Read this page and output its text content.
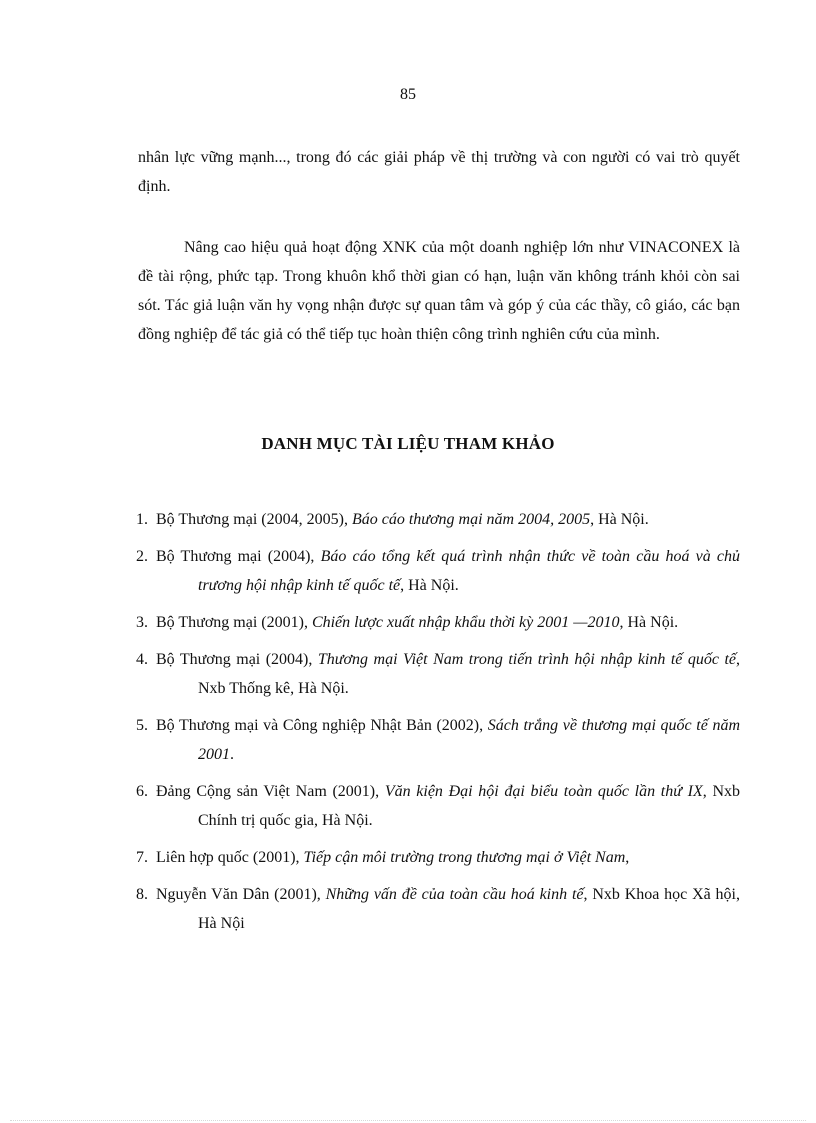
85

nhân lực vững mạnh..., trong đó các giải pháp về thị trường và con người có vai trò quyết định.

Nâng cao hiệu quả hoạt động XNK của một doanh nghiệp lớn như VINACONEX là đề tài rộng, phức tạp. Trong khuôn khổ thời gian có hạn, luận văn không tránh khỏi còn sai sót. Tác giả luận văn hy vọng nhận được sự quan tâm và góp ý của các thầy, cô giáo, các bạn đồng nghiệp để tác giả có thể tiếp tục hoàn thiện công trình nghiên cứu của mình.

DANH MỤC TÀI LIỆU THAM KHẢO

1. Bộ Thương mại (2004, 2005), Báo cáo thương mại năm 2004, 2005, Hà Nội.

2. Bộ Thương mại (2004), Báo cáo tổng kết quá trình nhận thức về toàn cầu hoá và chủ trương hội nhập kinh tế quốc tế, Hà Nội.

3. Bộ Thương mại (2001), Chiến lược xuất nhập khẩu thời kỳ 2001 —2010, Hà Nội.

4. Bộ Thương mại (2004), Thương mại Việt Nam trong tiến trình hội nhập kinh tế quốc tế, Nxb Thống kê, Hà Nội.

5. Bộ Thương mại và Công nghiệp Nhật Bản (2002), Sách trắng về thương mại quốc tế năm 2001.

6. Đảng Cộng sản Việt Nam (2001), Văn kiện Đại hội đại biểu toàn quốc lần thứ IX, Nxb Chính trị quốc gia, Hà Nội.

7. Liên hợp quốc (2001), Tiếp cận môi trường trong thương mại ở Việt Nam,

8. Nguyễn Văn Dân (2001), Những vấn đề của toàn cầu hoá kinh tế, Nxb Khoa học Xã hội, Hà Nội
